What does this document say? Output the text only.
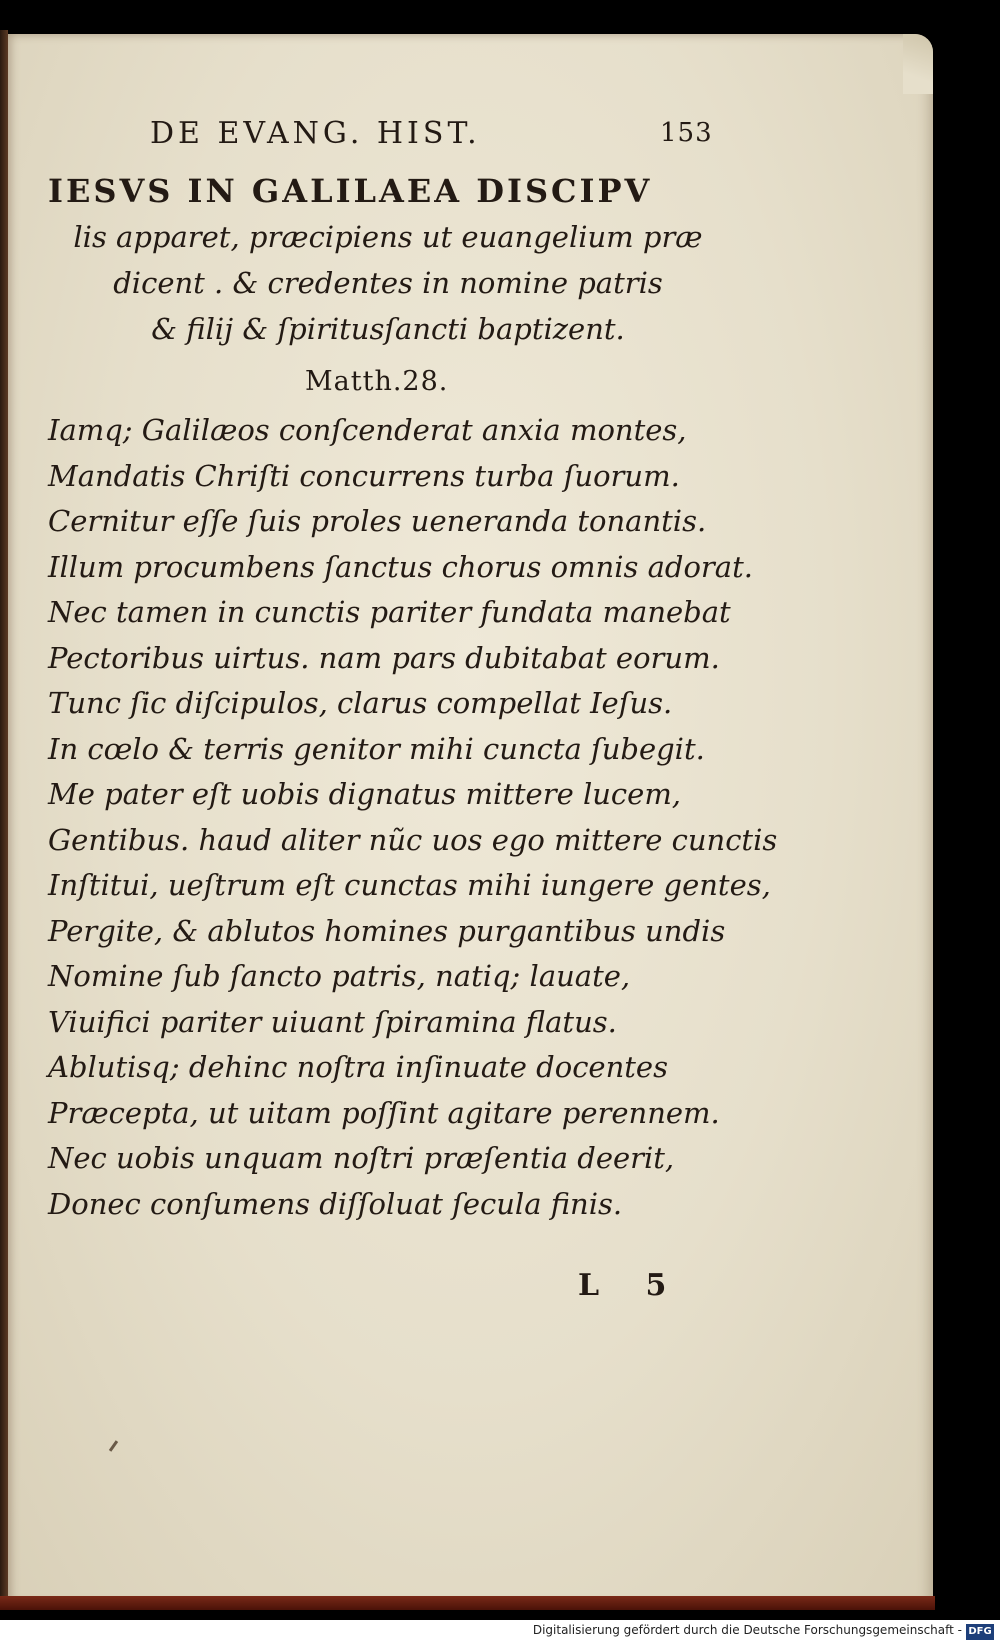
DE EVANG. HIST.	153
IESVS IN GALILAEA DISCIPV
lis apparet, præcipiens ut euangelium præ
dicent . & credentes in nomine patris
& filij & ſpiritusſancti baptizent.
Matth.28.
Iamq; Galilæos conſcenderat anxia montes,
Mandatis Chriſti concurrens turba ſuorum.
Cernitur eſſe ſuis proles ueneranda tonantis.
Illum procumbens ſanctus chorus omnis adorat.
Nec tamen in cunctis pariter fundata manebat
Pectoribus uirtus. nam pars dubitabat eorum.
Tunc ſic diſcipulos, clarus compellat Ieſus.
In cœlo & terris genitor mihi cuncta ſubegit.
Me pater eſt uobis dignatus mittere lucem,
Gentibus. haud aliter nũc uos ego mittere cunctis
Inſtitui, ueſtrum eſt cunctas mihi iungere gentes,
Pergite, & ablutos homines purgantibus undis
Nomine ſub ſancto patris, natiq; lauate,
Viuifici pariter uiuant ſpiramina flatus.
Ablutisq; dehinc noſtra inſinuate docentes
Præcepta, ut uitam poſſint agitare perennem.
Nec uobis unquam noſtri præſentia deerit,
Donec conſumens diſſoluat ſecula finis.
L 5
Digitalisierung gefördert durch die Deutsche Forschungsgemeinschaft - DFG
